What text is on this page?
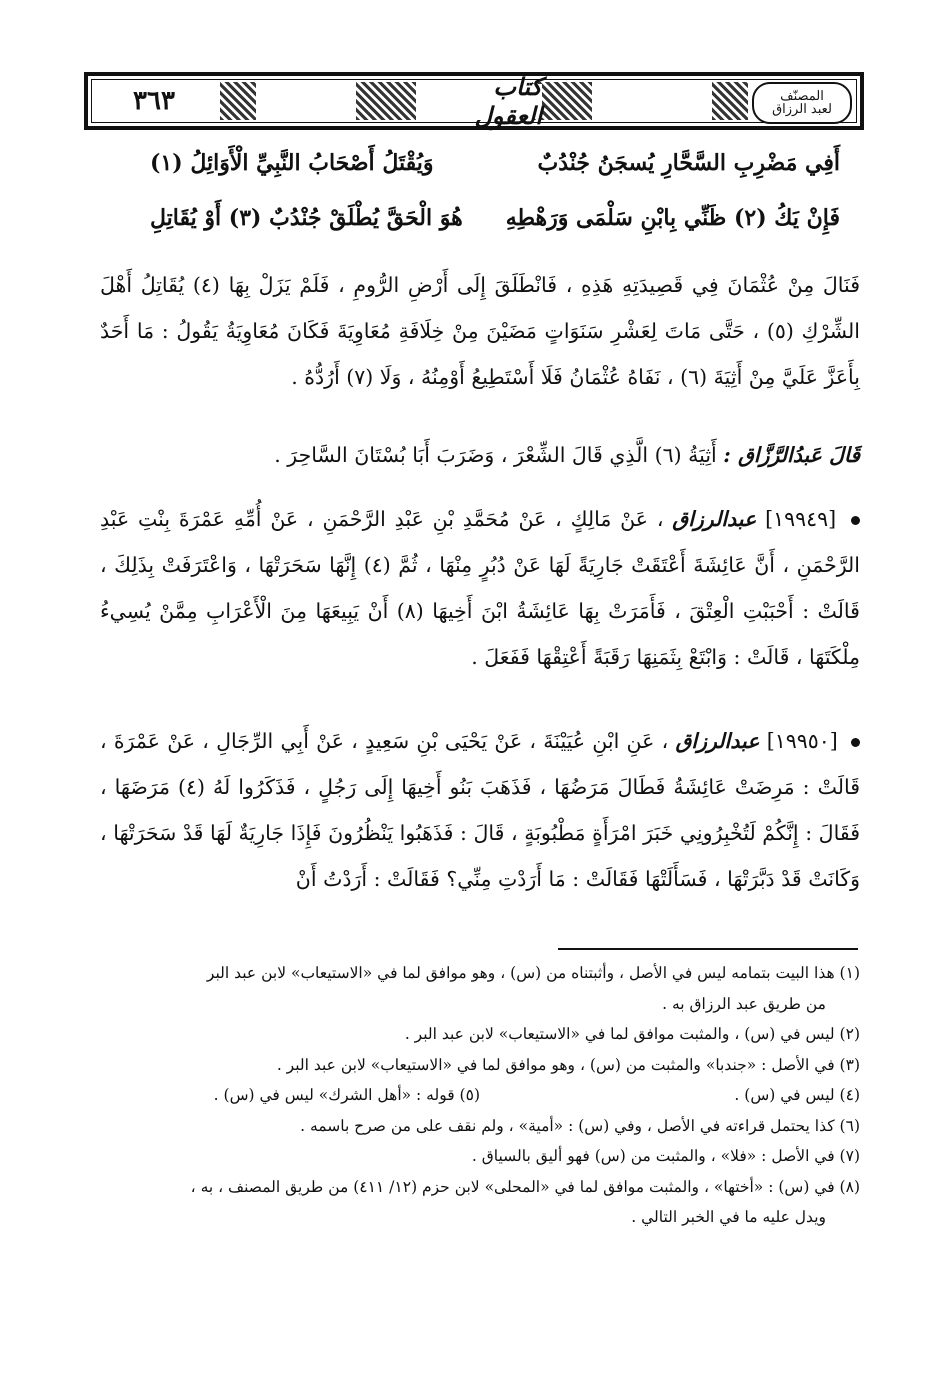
المصنّف
لعبد الرزاق
كتاب العقول
٣٦٣
أَفِي مَضْرِبِ السَّحَّارِ يُسجَنُ جُنْدُبٌ
وَيُقْتَلُ أَصْحَابُ النَّبِيِّ الْأَوَائِلُ (١)
فَإِنْ يَكُ (٢) ظَنِّي بِابْنِ سَلْمَى وَرَهْطِهِ
هُوَ الْحَقَّ يُطْلَقْ جُنْدُبٌ (٣) أَوْ يُقَاتِلِ

فَنَالَ مِنْ عُثْمَانَ فِي قَصِيدَتِهِ هَذِهِ ، فَانْطَلَقَ إِلَى أَرْضِ الرُّومِ ، فَلَمْ يَزَلْ بِهَا (٤) يُقَاتِلُ أَهْلَ الشِّرْكِ (٥) ، حَتَّى مَاتَ لِعَشْرِ سَنَوَاتٍ مَضَيْنَ مِنْ خِلَافَةِ مُعَاوِيَةَ فَكَانَ مُعَاوِيَةُ يَقُولُ : مَا أَحَدٌ بِأَعَزَّ عَلَيَّ مِنْ أَثِيَةَ (٦) ، نَفَاهُ عُثْمَانُ فَلَا أَسْتَطِيعُ أَوْمِنُهُ ، وَلَا (٧) أَرُدُّهُ .

قَالَ عَبدُالرَّزَّاق : أَثِيَةُ (٦) الَّذِي قَالَ الشِّعْرَ ، وَضَرَبَ أَبَا بُسْتَانَ السَّاحِرَ .

[١٩٩٤٩] عبدالرزاق ، عَنْ مَالِكٍ ، عَنْ مُحَمَّدِ بْنِ عَبْدِ الرَّحْمَنِ ، عَنْ أُمِّهِ عَمْرَةَ بِنْتِ عَبْدِ الرَّحْمَنِ ، أَنَّ عَائِشَةَ أَعْتَقَتْ جَارِيَةً لَهَا عَنْ دُبُرٍ مِنْهَا ، ثُمَّ (٤) إِنَّهَا سَحَرَتْهَا ، وَاعْتَرَفَتْ بِذَلِكَ ، قَالَتْ : أَحْبَبْتِ الْعِتْقَ ، فَأَمَرَتْ بِهَا عَائِشَةُ ابْنَ أَخِيهَا (٨) أَنْ يَبِيعَهَا مِنَ الْأَعْرَابِ مِمَّنْ يُسِيءُ مِلْكَتَهَا ، قَالَتْ : وَابْتَعْ بِثَمَنِهَا رَقَبَةً أَعْتِقْهَا فَفَعَلَ .

[١٩٩٥٠] عبدالرزاق ، عَنِ ابْنِ عُيَيْنَةَ ، عَنْ يَحْيَى بْنِ سَعِيدٍ ، عَنْ أَبِي الرِّجَالِ ، عَنْ عَمْرَةَ ، قَالَتْ : مَرِضَتْ عَائِشَةُ فَطَالَ مَرَضُهَا ، فَذَهَبَ بَنُو أَخِيهَا إِلَى رَجُلٍ ، فَذَكَرُوا لَهُ (٤) مَرَضَهَا ، فَقَالَ : إِنَّكُمْ لَتُخْبِرُونِي خَبَرَ امْرَأَةٍ مَطْبُوبَةٍ ، قَالَ : فَذَهَبُوا يَنْظُرُونَ فَإِذَا جَارِيَةٌ لَهَا قَدْ سَحَرَتْهَا ، وَكَانَتْ قَدْ دَبَّرَتْهَا ، فَسَأَلَتْهَا فَقَالَتْ : مَا أَرَدْتِ مِنِّي؟ فَقَالَتْ : أَرَدْتُ أَنْ

(١) هذا البيت بتمامه ليس في الأصل ، وأثبتناه من (س) ، وهو موافق لما في «الاستيعاب» لابن عبد البر

من طريق عبد الرزاق به .

(٢) ليس في (س) ، والمثبت موافق لما في «الاستيعاب» لابن عبد البر .

(٣) في الأصل : «جندبا» والمثبت من (س) ، وهو موافق لما في «الاستيعاب» لابن عبد البر .

(٤) ليس في (س) .

(٥) قوله : «أهل الشرك» ليس في (س) .

(٦) كذا يحتمل قراءته في الأصل ، وفي (س) : «أمية» ، ولم نقف على من صرح باسمه .

(٧) في الأصل : «فلا» ، والمثبت من (س) فهو أليق بالسياق .

(٨) في (س) : «أختها» ، والمثبت موافق لما في «المحلى» لابن حزم (١٢/ ٤١١) من طريق المصنف ، به ،

ويدل عليه ما في الخبر التالي .
